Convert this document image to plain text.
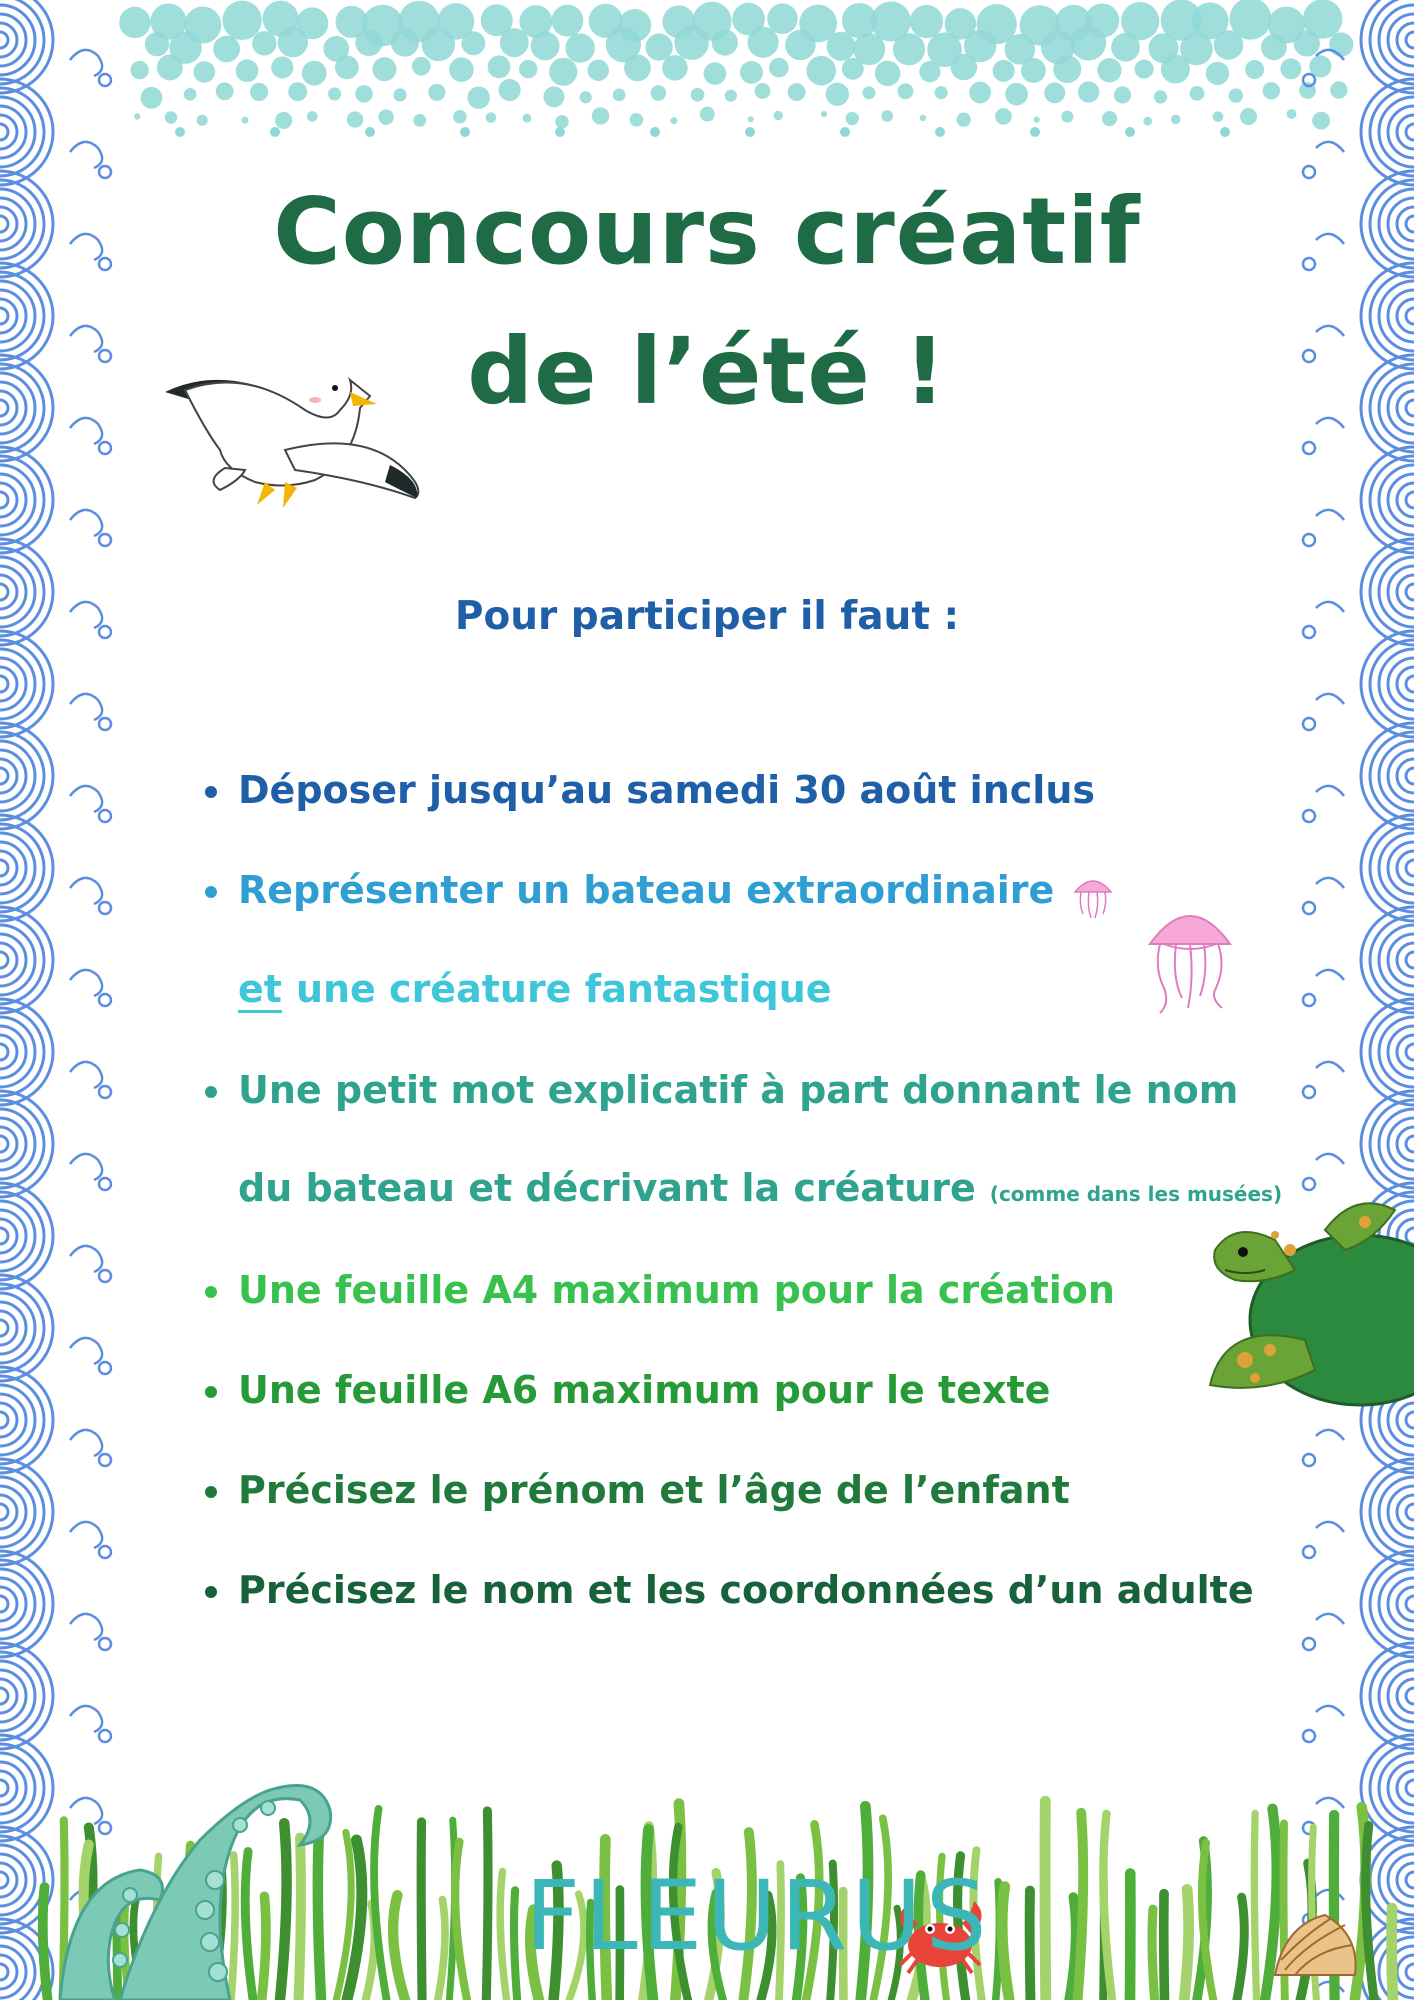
Concours créatif
de l’été !

Pour participer il faut :

Déposer jusqu’au samedi 30 août inclus
Représenter un bateau extraordinaire
et une créature fantastique
Une petit mot explicatif à part donnant le nom
du bateau et décrivant la créature (comme dans les musées)
Une feuille A4 maximum pour la création
Une feuille A6 maximum pour le texte
Précisez le prénom et l’âge de l’enfant
Précisez le nom et les coordonnées d’un adulte

FLEURUS
